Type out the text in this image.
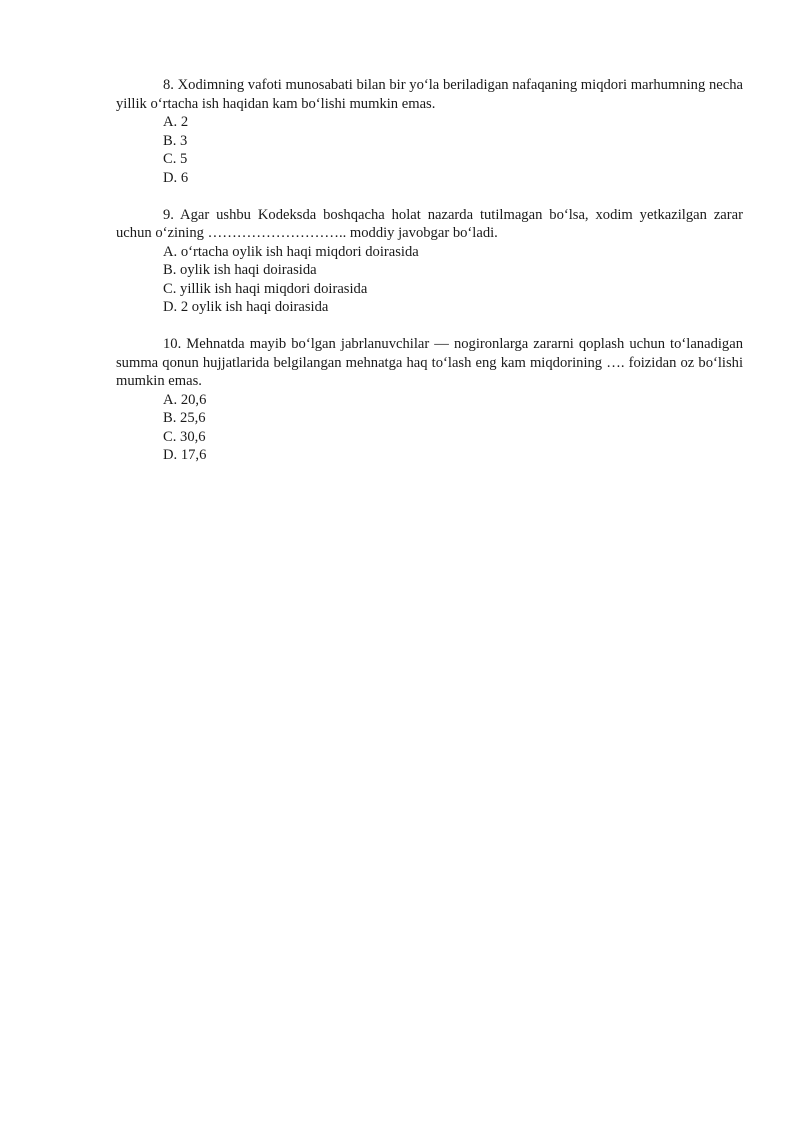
8. Xodimning vafoti munosabati bilan bir yo‘la beriladigan nafaqaning miqdori marhumning necha yillik o‘rtacha ish haqidan kam bo‘lishi mumkin emas.

A. 2
B. 3
C. 5
D. 6

9. Agar ushbu Kodeksda boshqacha holat nazarda tutilmagan bo‘lsa, xodim yetkazilgan zarar uchun o‘zining ……………………….. moddiy javobgar bo‘ladi.

A. o‘rtacha oylik ish haqi miqdori doirasida
B. oylik ish haqi doirasida
C. yillik ish haqi miqdori doirasida
D. 2 oylik ish haqi doirasida

10. Mehnatda mayib bo‘lgan jabrlanuvchilar — nogironlarga zararni qoplash uchun to‘lanadigan summa qonun hujjatlarida belgilangan mehnatga haq to‘lash eng kam miqdorining …. foizidan oz bo‘lishi mumkin emas.

A. 20,6
B. 25,6
C. 30,6
D. 17,6
